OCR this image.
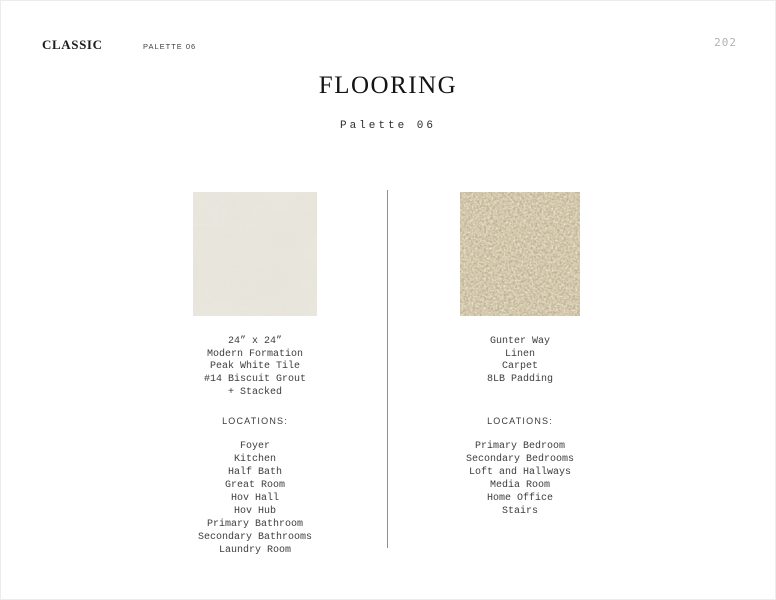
CLASSIC	PALETTE 06	202
FLOORING
Palette 06
24” x 24”
Modern Formation
Peak White Tile
#14 Biscuit Grout
+ Stacked
LOCATIONS:
Foyer
Kitchen
Half Bath
Great Room
Hov Hall
Hov Hub
Primary Bathroom
Secondary Bathrooms
Laundry Room
Gunter Way
Linen
Carpet
8LB Padding
LOCATIONS:
Primary Bedroom
Secondary Bedrooms
Loft and Hallways
Media Room
Home Office
Stairs
